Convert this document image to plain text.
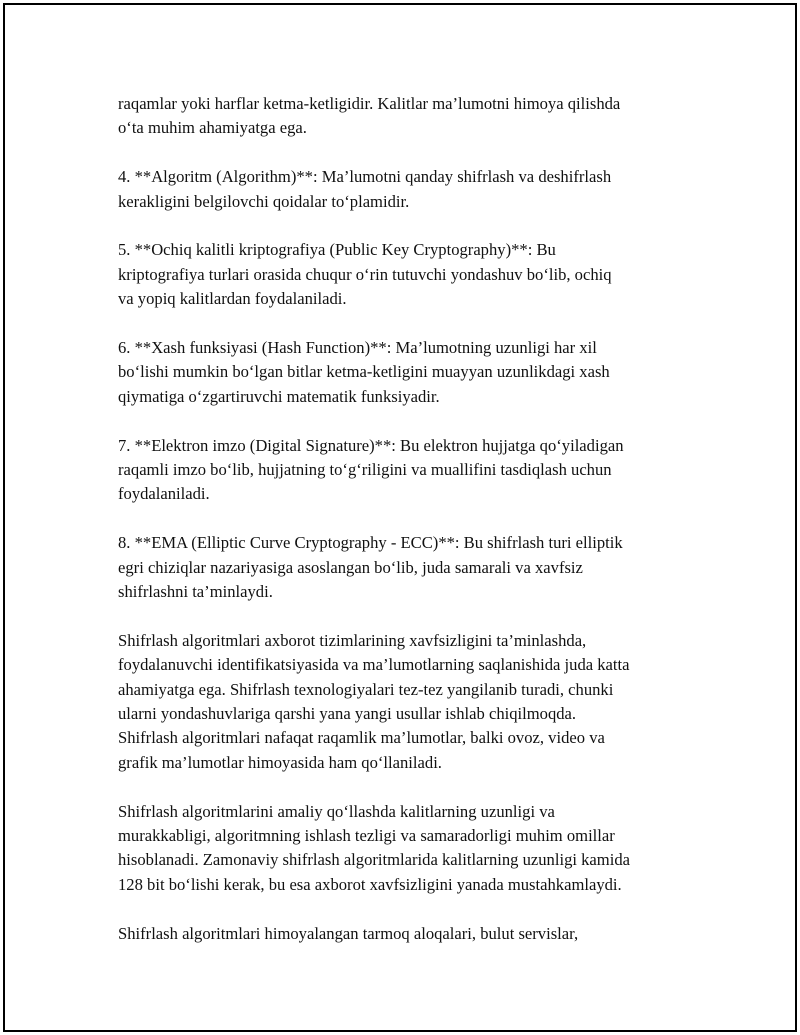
raqamlar yoki harflar ketma-ketligidir. Kalitlar ma’lumotni himoya qilishda
o‘ta muhim ahamiyatga ega.

4. **Algoritm (Algorithm)**: Ma’lumotni qanday shifrlash va deshifrlash
kerakligini belgilovchi qoidalar to‘plamidir.

5. **Ochiq kalitli kriptografiya (Public Key Cryptography)**: Bu
kriptografiya turlari orasida chuqur o‘rin tutuvchi yondashuv bo‘lib, ochiq
va yopiq kalitlardan foydalaniladi.

6. **Xash funksiyasi (Hash Function)**: Ma’lumotning uzunligi har xil
bo‘lishi mumkin bo‘lgan bitlar ketma-ketligini muayyan uzunlikdagi xash
qiymatiga o‘zgartiruvchi matematik funksiyadir.

7. **Elektron imzo (Digital Signature)**: Bu elektron hujjatga qo‘yiladigan
raqamli imzo bo‘lib, hujjatning to‘g‘riligini va muallifini tasdiqlash uchun
foydalaniladi.

8. **EMA (Elliptic Curve Cryptography - ECC)**: Bu shifrlash turi elliptik
egri chiziqlar nazariyasiga asoslangan bo‘lib, juda samarali va xavfsiz
shifrlashni ta’minlaydi.

Shifrlash algoritmlari axborot tizimlarining xavfsizligini ta’minlashda,
foydalanuvchi identifikatsiyasida va ma’lumotlarning saqlanishida juda katta
ahamiyatga ega. Shifrlash texnologiyalari tez-tez yangilanib turadi, chunki
ularni yondashuvlariga qarshi yana yangi usullar ishlab chiqilmoqda.
Shifrlash algoritmlari nafaqat raqamlik ma’lumotlar, balki ovoz, video va
grafik ma’lumotlar himoyasida ham qo‘llaniladi.

Shifrlash algoritmlarini amaliy qo‘llashda kalitlarning uzunligi va
murakkabligi, algoritmning ishlash tezligi va samaradorligi muhim omillar
hisoblanadi. Zamonaviy shifrlash algoritmlarida kalitlarning uzunligi kamida
128 bit bo‘lishi kerak, bu esa axborot xavfsizligini yanada mustahkamlaydi.

Shifrlash algoritmlari himoyalangan tarmoq aloqalari, bulut servislar,
